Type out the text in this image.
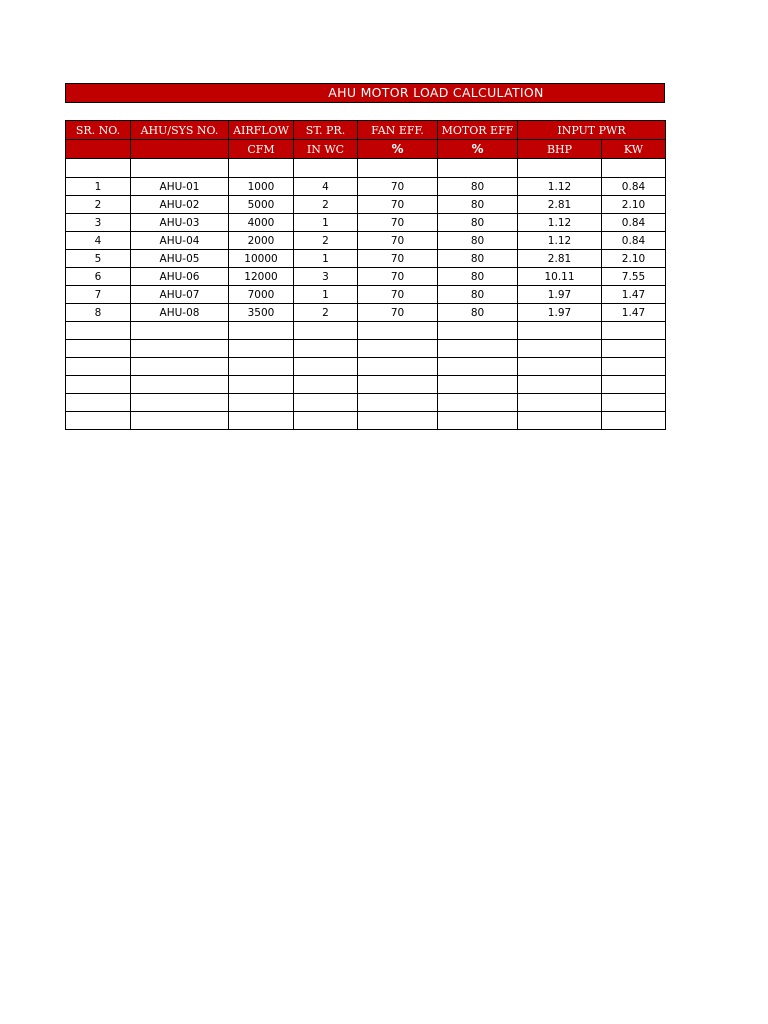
AHU MOTOR LOAD CALCULATION
SR. NO.	AHU/SYS NO.	AIRFLOW	ST. PR.	FAN EFF.	MOTOR EFF	INPUT PWR	
		CFM	IN WC	%	%	BHP	KW

1	AHU-01	1000	4	70	80	1.12	0.84
2	AHU-02	5000	2	70	80	2.81	2.10
3	AHU-03	4000	1	70	80	1.12	0.84
4	AHU-04	2000	2	70	80	1.12	0.84
5	AHU-05	10000	1	70	80	2.81	2.10
6	AHU-06	12000	3	70	80	10.11	7.55
7	AHU-07	7000	1	70	80	1.97	1.47
8	AHU-08	3500	2	70	80	1.97	1.47
